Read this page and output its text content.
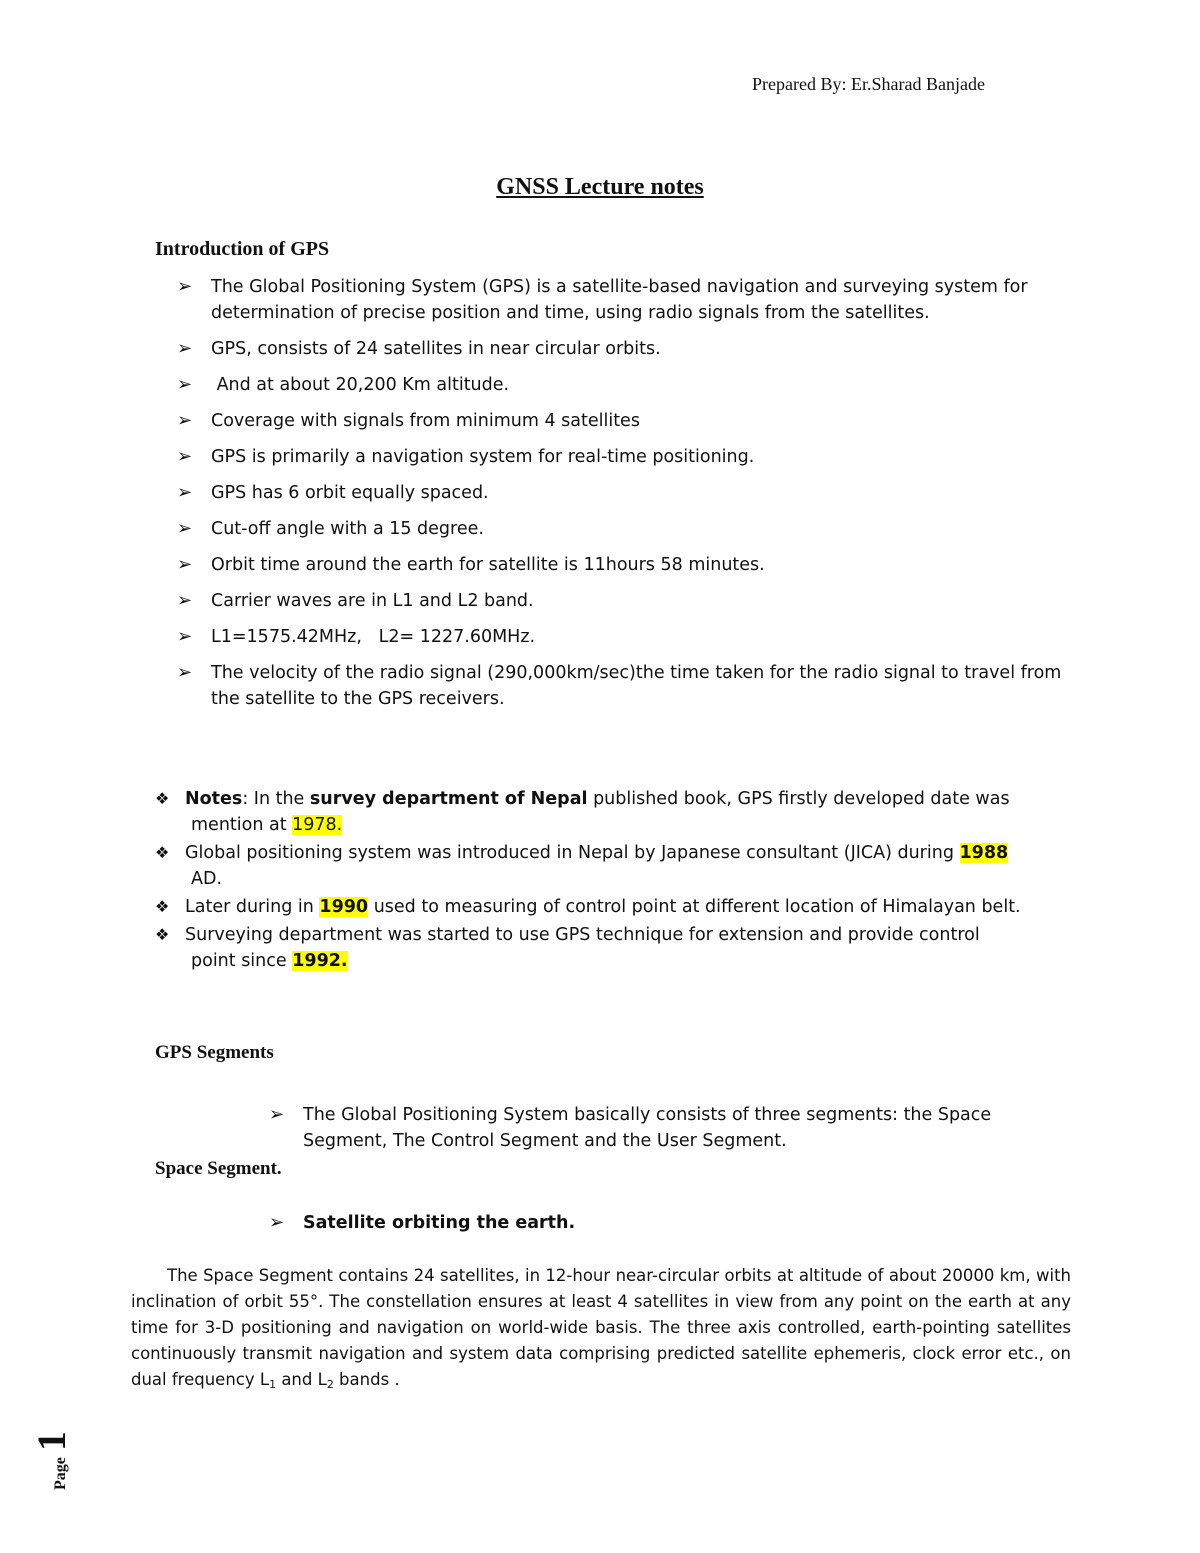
Prepared By: Er.Sharad Banjade
GNSS Lecture notes
Introduction of GPS
➢ The Global Positioning System (GPS) is a satellite-based navigation and surveying system for determination of precise position and time, using radio signals from the satellites.
➢ GPS, consists of 24 satellites in near circular orbits.
➢ And at about 20,200 Km altitude.
➢ Coverage with signals from minimum 4 satellites
➢ GPS is primarily a navigation system for real-time positioning.
➢ GPS has 6 orbit equally spaced.
➢ Cut-off angle with a 15 degree.
➢ Orbit time around the earth for satellite is 11hours 58 minutes.
➢ Carrier waves are in L1 and L2 band.
➢ L1=1575.42MHz,   L2= 1227.60MHz.
➢ The velocity of the radio signal (290,000km/sec)the time taken for the radio signal to travel from the satellite to the GPS receivers.
❖ Notes: In the survey department of Nepal published book, GPS firstly developed date was
mention at 1978.
❖ Global positioning system was introduced in Nepal by Japanese consultant (JICA) during 1988
AD.
❖ Later during in 1990 used to measuring of control point at different location of Himalayan belt.
❖ Surveying department was started to use GPS technique for extension and provide control
point since 1992.
GPS Segments
➢ The Global Positioning System basically consists of three segments: the Space Segment, The Control Segment and the User Segment.
Space Segment.
➢ Satellite orbiting the earth.
The Space Segment contains 24 satellites, in 12-hour near-circular orbits at altitude of about 20000 km, with inclination of orbit 55°. The constellation ensures at least 4 satellites in view from any point on the earth at any time for 3-D positioning and navigation on world-wide basis. The three axis controlled, earth-pointing satellites continuously transmit navigation and system data comprising predicted satellite ephemeris, clock error etc., on dual frequency $L_1$ and $L_2$ bands .
Page1
